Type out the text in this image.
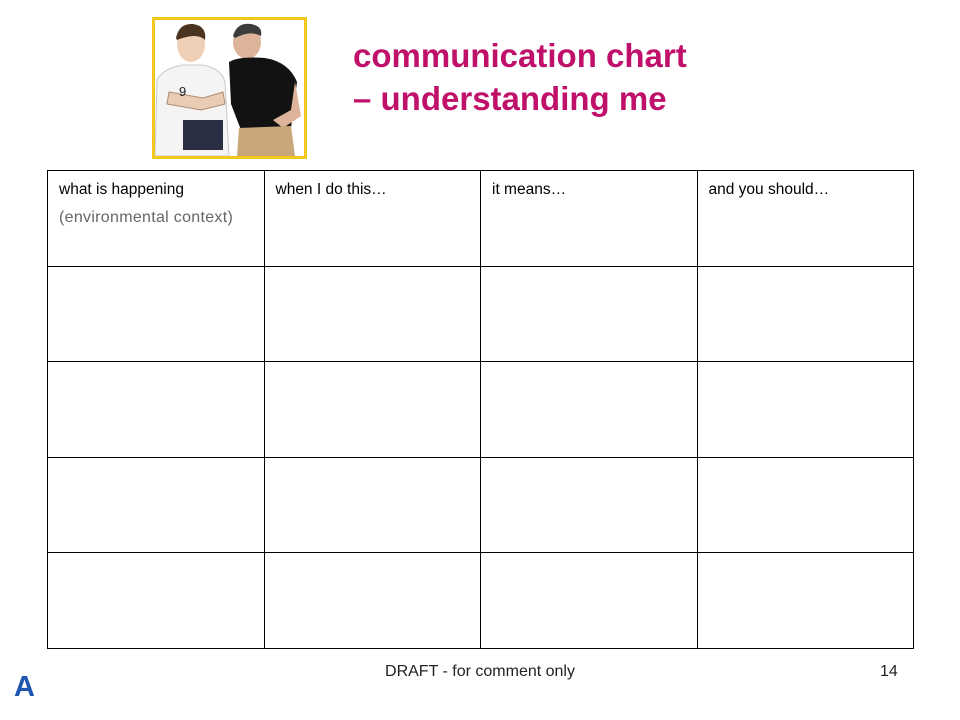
9
communication chart
– understanding me
what is happening
(environmental context)	when I do this…	it means…	and you should…

DRAFT - for comment only	14
A
